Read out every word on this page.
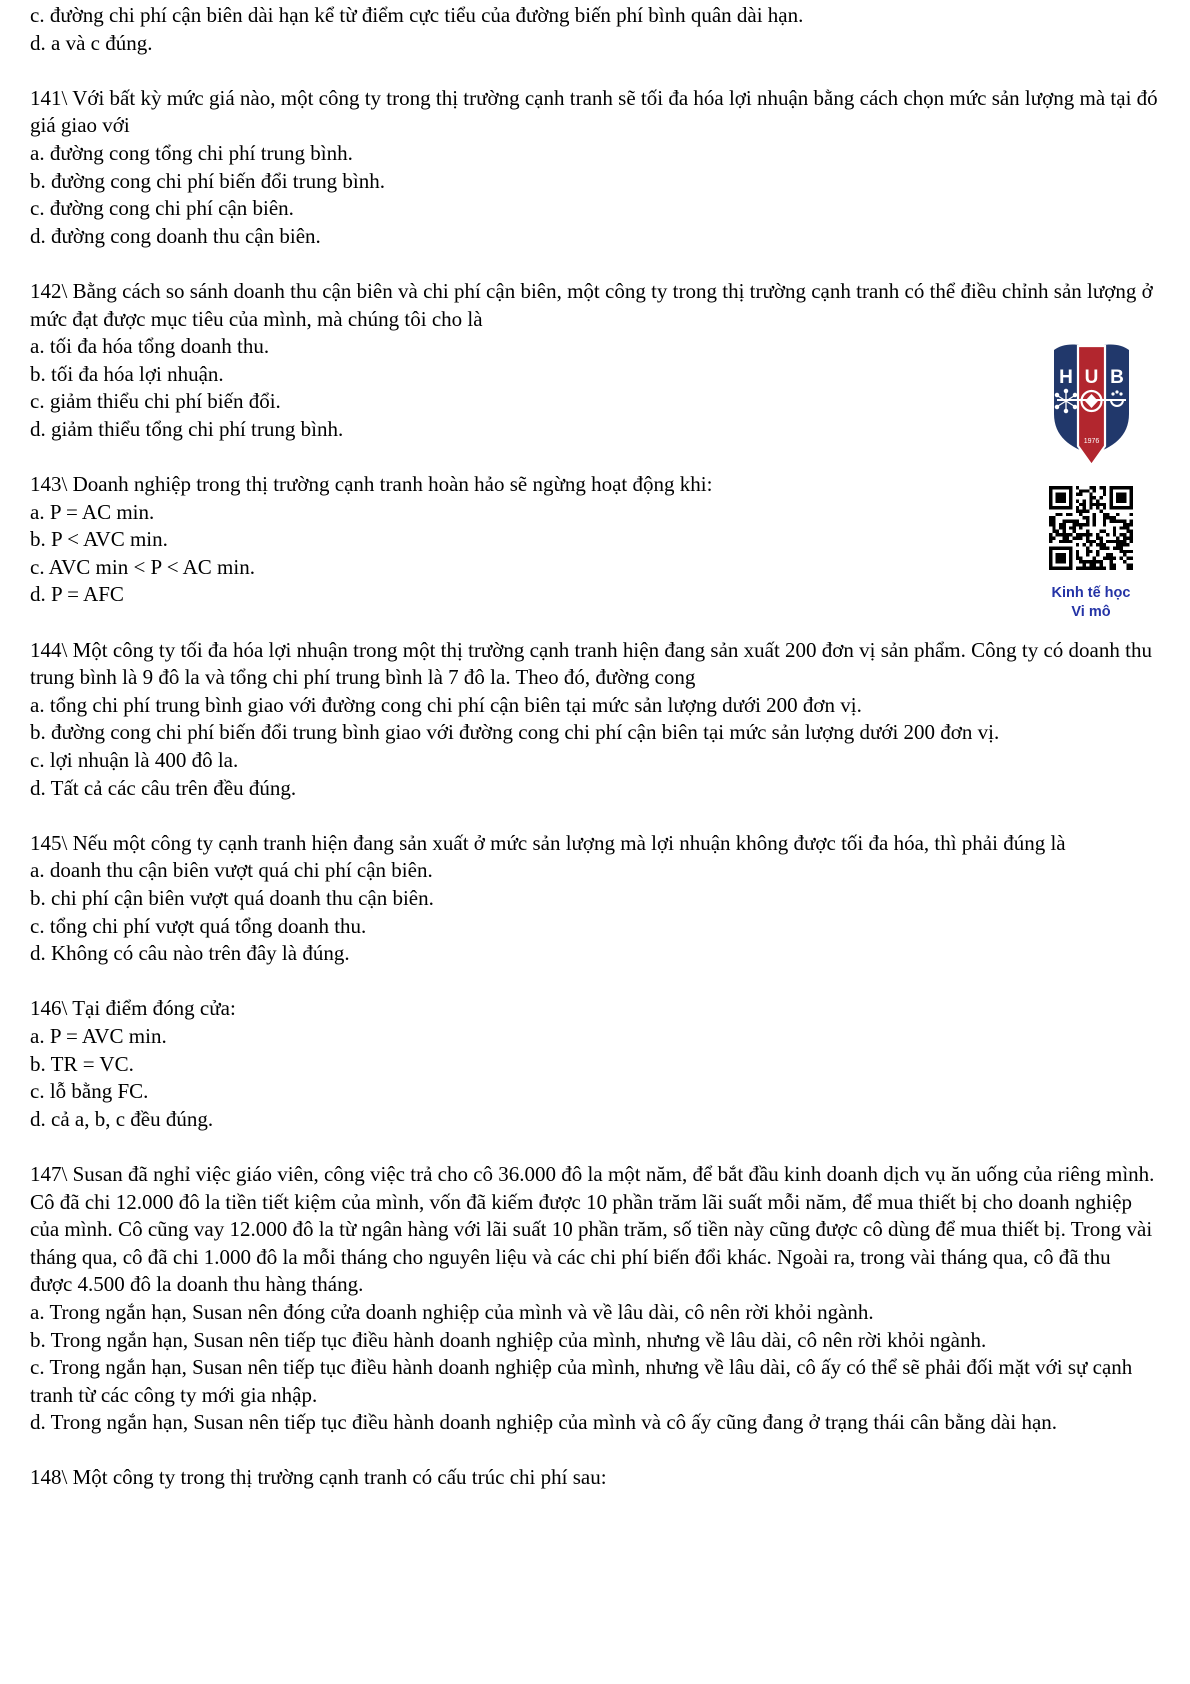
c. đường chi phí cận biên dài hạn kể từ điểm cực tiểu của đường biến phí bình quân dài hạn.

d. a và c đúng.

141\ Với bất kỳ mức giá nào, một công ty trong thị trường cạnh tranh sẽ tối đa hóa lợi nhuận bằng cách chọn mức sản lượng mà tại đó giá giao với

a. đường cong tổng chi phí trung bình.

b. đường cong chi phí biến đổi trung bình.

c. đường cong chi phí cận biên.

d. đường cong doanh thu cận biên.

142\ Bằng cách so sánh doanh thu cận biên và chi phí cận biên, một công ty trong thị trường cạnh tranh có thể điều chỉnh sản lượng ở mức đạt được mục tiêu của mình, mà chúng tôi cho là

a. tối đa hóa tổng doanh thu.

b. tối đa hóa lợi nhuận.

c. giảm thiểu chi phí biến đổi.

d. giảm thiểu tổng chi phí trung bình.

143\ Doanh nghiệp trong thị trường cạnh tranh hoàn hảo sẽ ngừng hoạt động khi:

a. P = AC min.

b. P < AVC min.

c. AVC min < P < AC min.

d. P = AFC

144\ Một công ty tối đa hóa lợi nhuận trong một thị trường cạnh tranh hiện đang sản xuất 200 đơn vị sản phẩm. Công ty có doanh thu trung bình là 9 đô la và tổng chi phí trung bình là 7 đô la. Theo đó, đường cong

a. tổng chi phí trung bình giao với đường cong chi phí cận biên tại mức sản lượng dưới 200 đơn vị.

b. đường cong chi phí biến đổi trung bình giao với đường cong chi phí cận biên tại mức sản lượng dưới 200 đơn vị.

c. lợi nhuận là 400 đô la.

d. Tất cả các câu trên đều đúng.

145\ Nếu một công ty cạnh tranh hiện đang sản xuất ở mức sản lượng mà lợi nhuận không được tối đa hóa, thì phải đúng là

a. doanh thu cận biên vượt quá chi phí cận biên.

b. chi phí cận biên vượt quá doanh thu cận biên.

c. tổng chi phí vượt quá tổng doanh thu.

d. Không có câu nào trên đây là đúng.

146\ Tại điểm đóng cửa:

a. P = AVC min.

b. TR = VC.

c. lỗ bằng FC.

d. cả a, b, c đều đúng.

147\ Susan đã nghỉ việc giáo viên, công việc trả cho cô 36.000 đô la một năm, để bắt đầu kinh doanh dịch vụ ăn uống của riêng mình. Cô đã chi 12.000 đô la tiền tiết kiệm của mình, vốn đã kiếm được 10 phần trăm lãi suất mỗi năm, để mua thiết bị cho doanh nghiệp của mình. Cô cũng vay 12.000 đô la từ ngân hàng với lãi suất 10 phần trăm, số tiền này cũng được cô dùng để mua thiết bị. Trong vài tháng qua, cô đã chi 1.000 đô la mỗi tháng cho nguyên liệu và các chi phí biến đổi khác. Ngoài ra, trong vài tháng qua, cô đã thu được 4.500 đô la doanh thu hàng tháng.

a. Trong ngắn hạn, Susan nên đóng cửa doanh nghiệp của mình và về lâu dài, cô nên rời khỏi ngành.

b. Trong ngắn hạn, Susan nên tiếp tục điều hành doanh nghiệp của mình, nhưng về lâu dài, cô nên rời khỏi ngành.

c. Trong ngắn hạn, Susan nên tiếp tục điều hành doanh nghiệp của mình, nhưng về lâu dài, cô ấy có thể sẽ phải đối mặt với sự cạnh tranh từ các công ty mới gia nhập.

d. Trong ngắn hạn, Susan nên tiếp tục điều hành doanh nghiệp của mình và cô ấy cũng đang ở trạng thái cân bằng dài hạn.

148\ Một công ty trong thị trường cạnh tranh có cấu trúc chi phí sau:

H U B
1976
Kinh tế học
Vi mô
